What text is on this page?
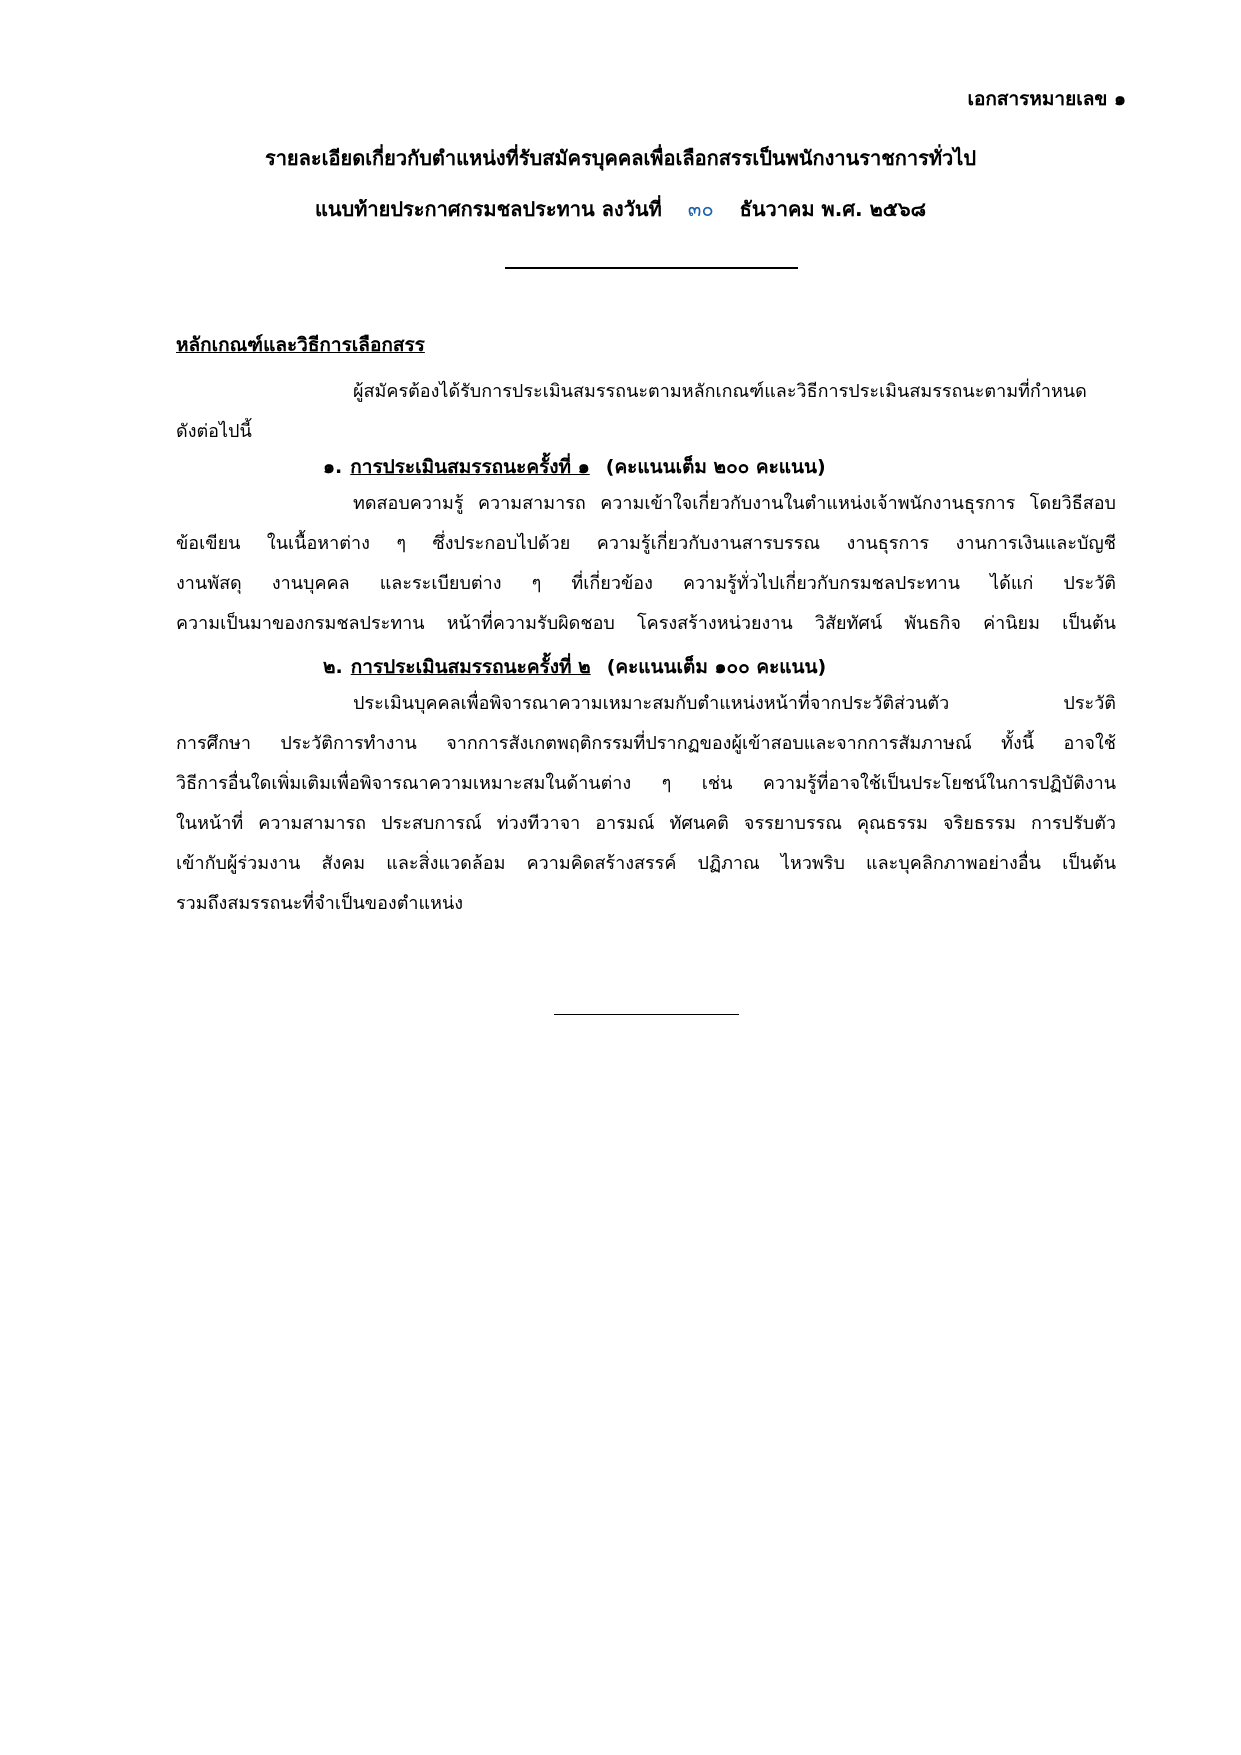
เอกสารหมายเลข ๑
รายละเอียดเกี่ยวกับตำแหน่งที่รับสมัครบุคคลเพื่อเลือกสรรเป็นพนักงานราชการทั่วไป
แนบท้ายประกาศกรมชลประทาน ลงวันที่ ๓๐ ธันวาคม พ.ศ. ๒๕๖๘
หลักเกณฑ์และวิธีการเลือกสรร
ผู้สมัครต้องได้รับการประเมินสมรรถนะตามหลักเกณฑ์และวิธีการประเมินสมรรถนะตามที่กำหนด
ดังต่อไปนี้
๑. การประเมินสมรรถนะครั้งที่ ๑ (คะแนนเต็ม ๒๐๐ คะแนน)
ทดสอบความรู้ ความสามารถ ความเข้าใจเกี่ยวกับงานในตำแหน่งเจ้าพนักงานธุรการ โดยวิธีสอบ
ข้อเขียน ในเนื้อหาต่าง ๆ ซึ่งประกอบไปด้วย ความรู้เกี่ยวกับงานสารบรรณ งานธุรการ งานการเงินและบัญชี
งานพัสดุ งานบุคคล และระเบียบต่าง ๆ ที่เกี่ยวข้อง ความรู้ทั่วไปเกี่ยวกับกรมชลประทาน ได้แก่ ประวัติ
ความเป็นมาของกรมชลประทาน หน้าที่ความรับผิดชอบ โครงสร้างหน่วยงาน วิสัยทัศน์ พันธกิจ ค่านิยม เป็นต้น
๒. การประเมินสมรรถนะครั้งที่ ๒ (คะแนนเต็ม ๑๐๐ คะแนน)
ประเมินบุคคลเพื่อพิจารณาความเหมาะสมกับตำแหน่งหน้าที่จากประวัติส่วนตัว ประวัติ
การศึกษา ประวัติการทำงาน จากการสังเกตพฤติกรรมที่ปรากฏของผู้เข้าสอบและจากการสัมภาษณ์ ทั้งนี้ อาจใช้
วิธีการอื่นใดเพิ่มเติมเพื่อพิจารณาความเหมาะสมในด้านต่าง ๆ เช่น ความรู้ที่อาจใช้เป็นประโยชน์ในการปฏิบัติงาน
ในหน้าที่ ความสามารถ ประสบการณ์ ท่วงทีวาจา อารมณ์ ทัศนคติ จรรยาบรรณ คุณธรรม จริยธรรม การปรับตัว
เข้ากับผู้ร่วมงาน สังคม และสิ่งแวดล้อม ความคิดสร้างสรรค์ ปฏิภาณ ไหวพริบ และบุคลิกภาพอย่างอื่น เป็นต้น
รวมถึงสมรรถนะที่จำเป็นของตำแหน่ง
